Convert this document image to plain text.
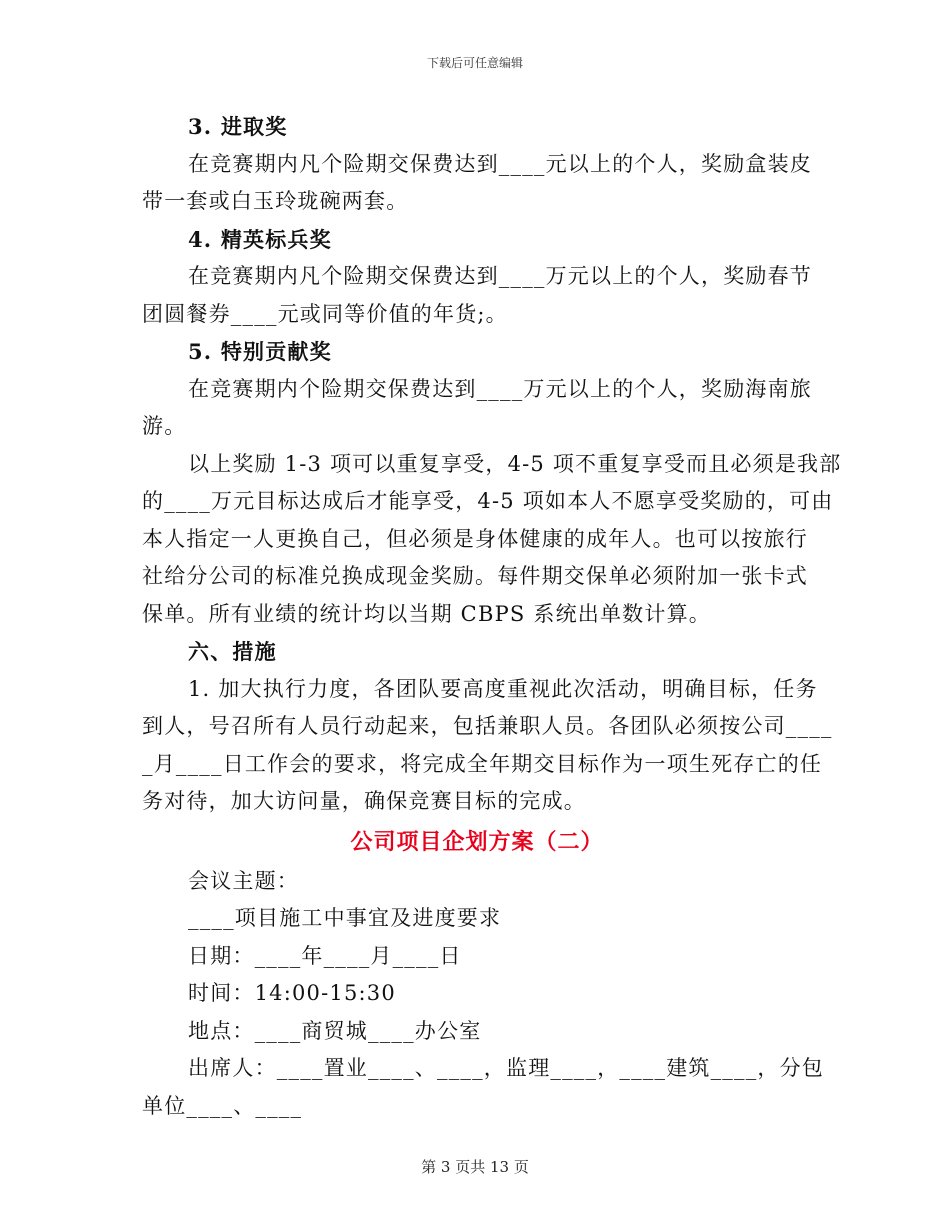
下载后可任意编辑
3. 进取奖
在竞赛期内凡个险期交保费达到____元以上的个人，奖励盒装皮
带一套或白玉玲珑碗两套。
4. 精英标兵奖
在竞赛期内凡个险期交保费达到____万元以上的个人，奖励春节
团圆餐券____元或同等价值的年货;。
5. 特别贡献奖
在竞赛期内个险期交保费达到____万元以上的个人，奖励海南旅
游。
以上奖励 1-3 项可以重复享受，4-5 项不重复享受而且必须是我部
的____万元目标达成后才能享受，4-5 项如本人不愿享受奖励的，可由
本人指定一人更换自己，但必须是身体健康的成年人。也可以按旅行
社给分公司的标准兑换成现金奖励。每件期交保单必须附加一张卡式
保单。所有业绩的统计均以当期 CBPS 系统出单数计算。
六、措施
1. 加大执行力度，各团队要高度重视此次活动，明确目标，任务
到人，号召所有人员行动起来，包括兼职人员。各团队必须按公司____
_月____日工作会的要求，将完成全年期交目标作为一项生死存亡的任
务对待，加大访问量，确保竞赛目标的完成。
公司项目企划方案（二）
会议主题：
____项目施工中事宜及进度要求
日期：____年____月____日
时间：14:00-15:30
地点：____商贸城____办公室
出席人：____置业____、____，监理____，____建筑____，分包
单位____、____
第 3 页共 13 页
